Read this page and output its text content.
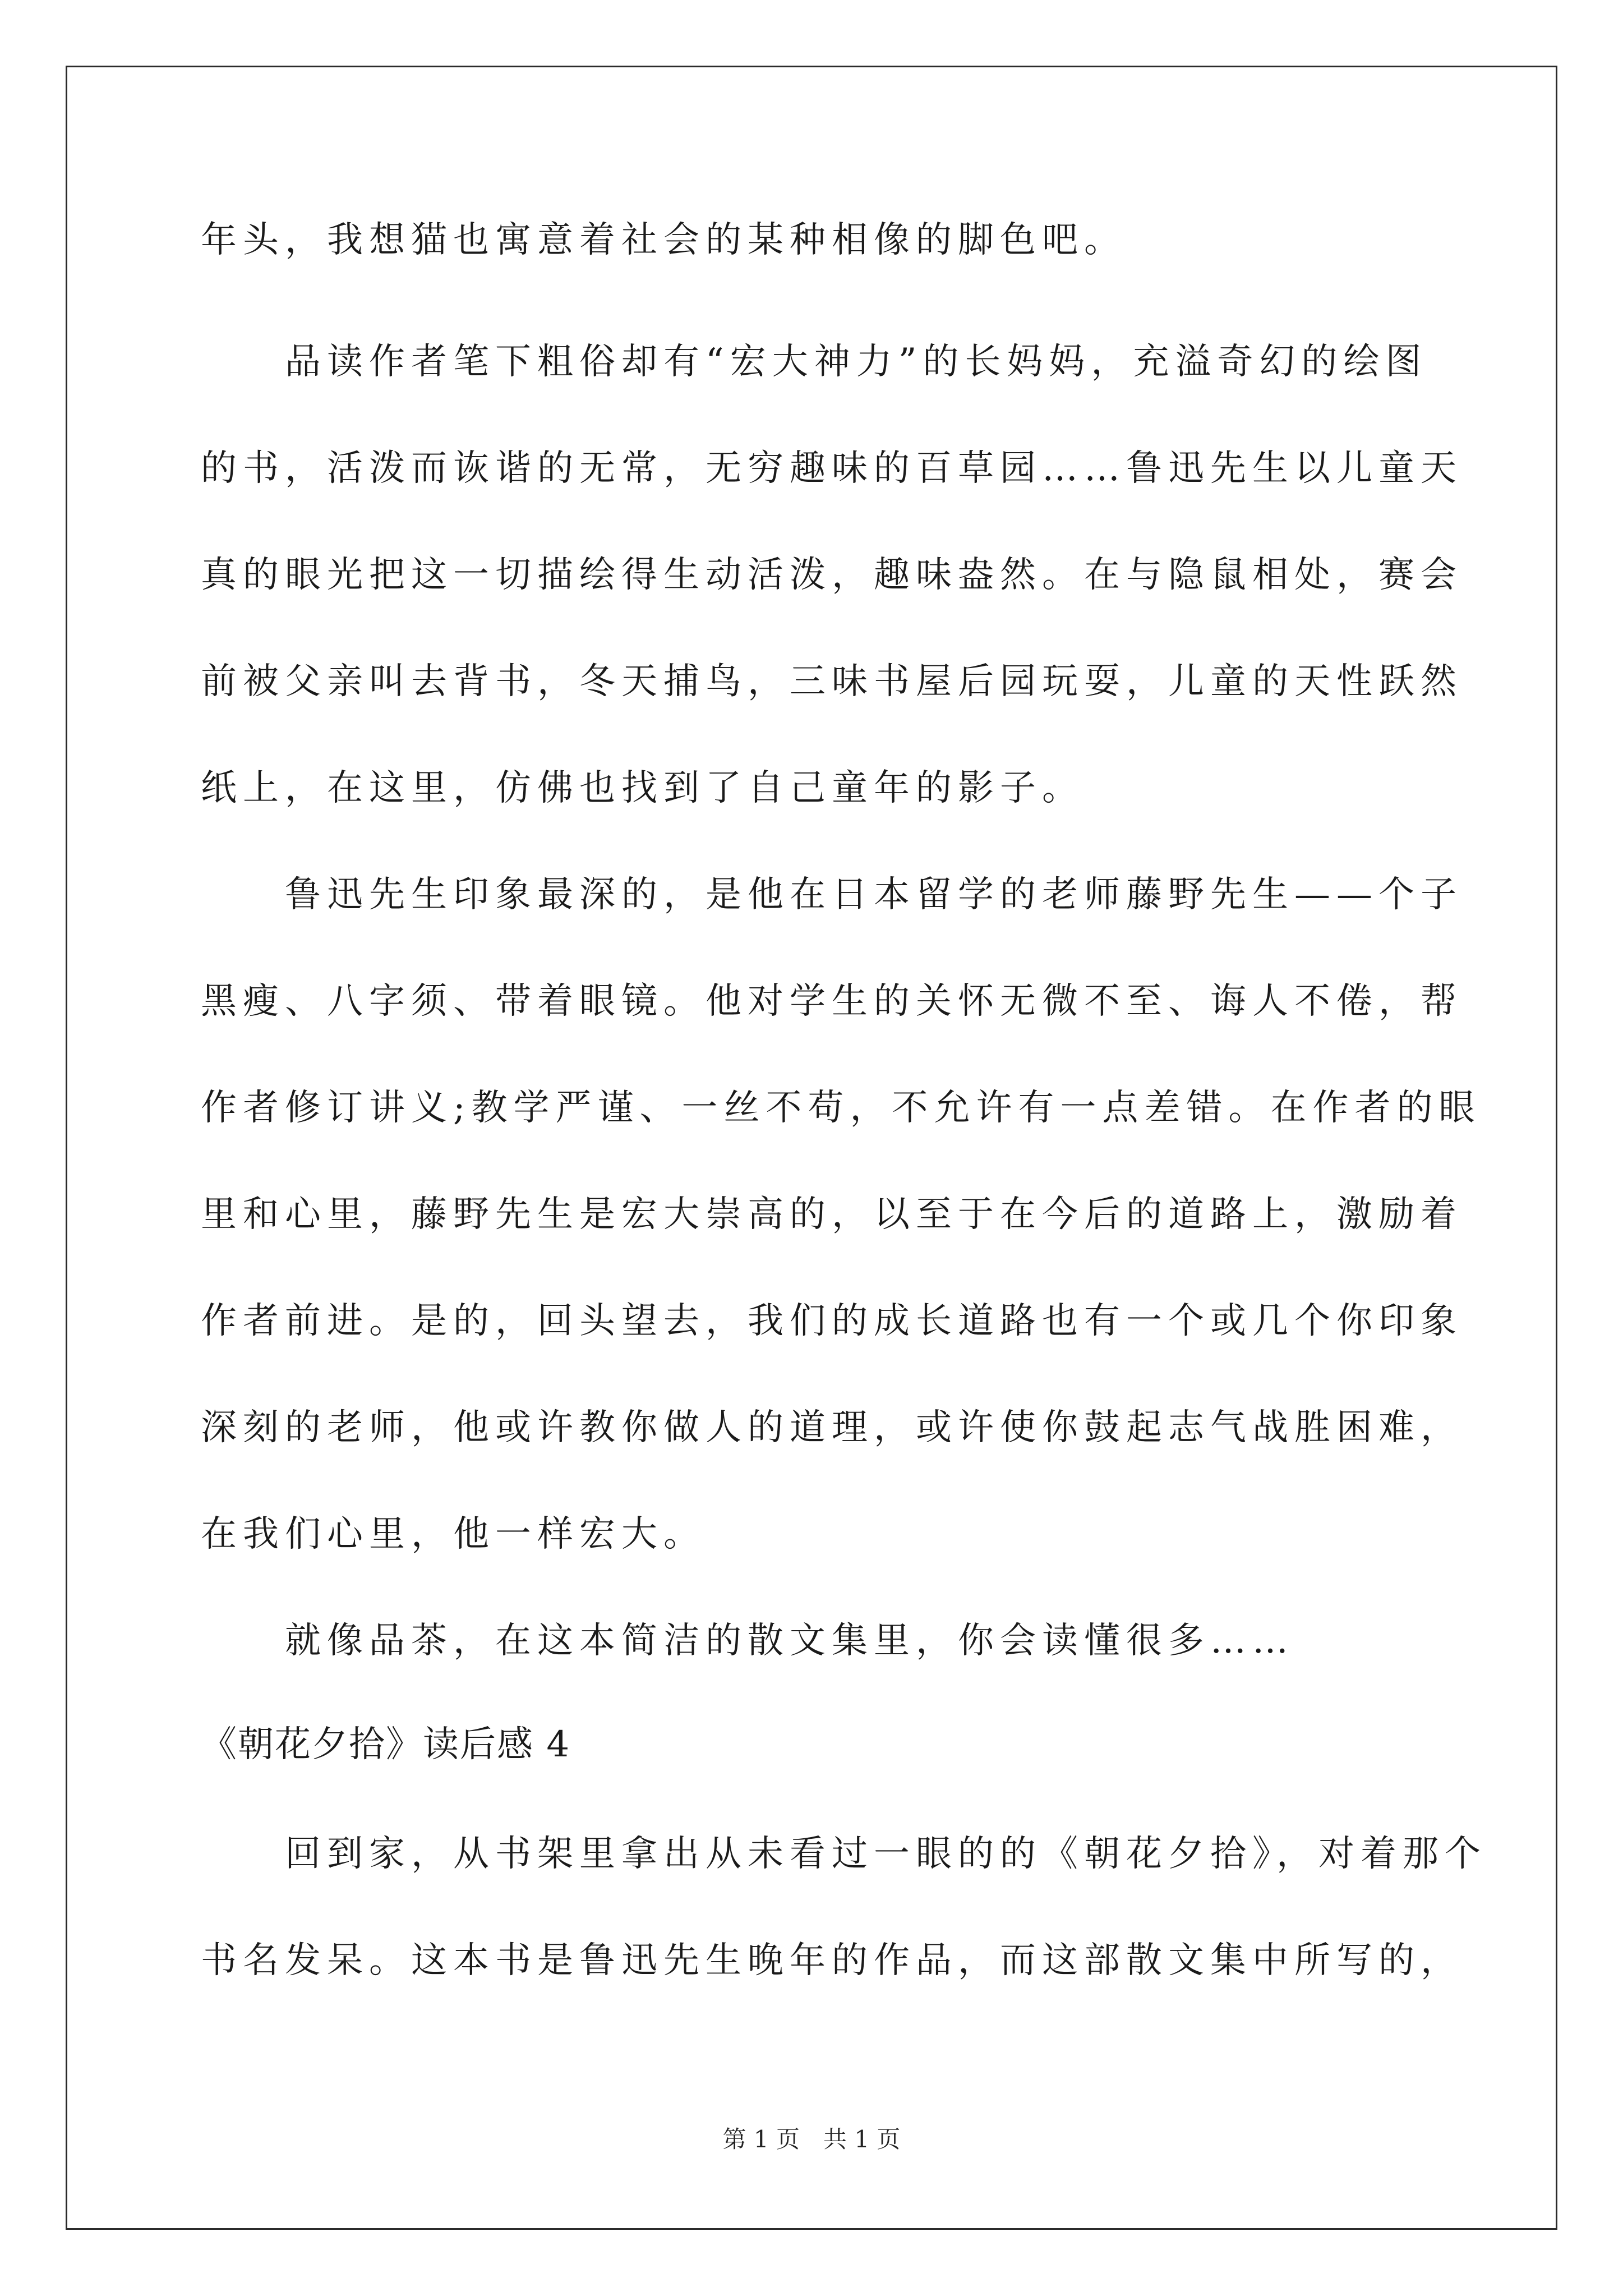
年头，我想猫也寓意着社会的某种相像的脚色吧。
　　品读作者笔下粗俗却有“宏大神力”的长妈妈，充溢奇幻的绘图
的书，活泼而诙谐的无常，无穷趣味的百草园……鲁迅先生以儿童天
真的眼光把这一切描绘得生动活泼，趣味盎然。在与隐鼠相处，赛会
前被父亲叫去背书，冬天捕鸟，三味书屋后园玩耍，儿童的天性跃然
纸上，在这里，仿佛也找到了自己童年的影子。
　　鲁迅先生印象最深的，是他在日本留学的老师藤野先生——个子
黑瘦、八字须、带着眼镜。他对学生的关怀无微不至、诲人不倦，帮
作者修订讲义;教学严谨、一丝不苟，不允许有一点差错。在作者的眼
里和心里，藤野先生是宏大崇高的，以至于在今后的道路上，激励着
作者前进。是的，回头望去，我们的成长道路也有一个或几个你印象
深刻的老师，他或许教你做人的道理，或许使你鼓起志气战胜困难，
在我们心里，他一样宏大。
　　就像品茶，在这本简洁的散文集里，你会读懂很多……
《朝花夕拾》读后感 4
　　回到家，从书架里拿出从未看过一眼的的《朝花夕拾》，对着那个
书名发呆。这本书是鲁迅先生晚年的作品，而这部散文集中所写的，
第 1 页　共 1 页
